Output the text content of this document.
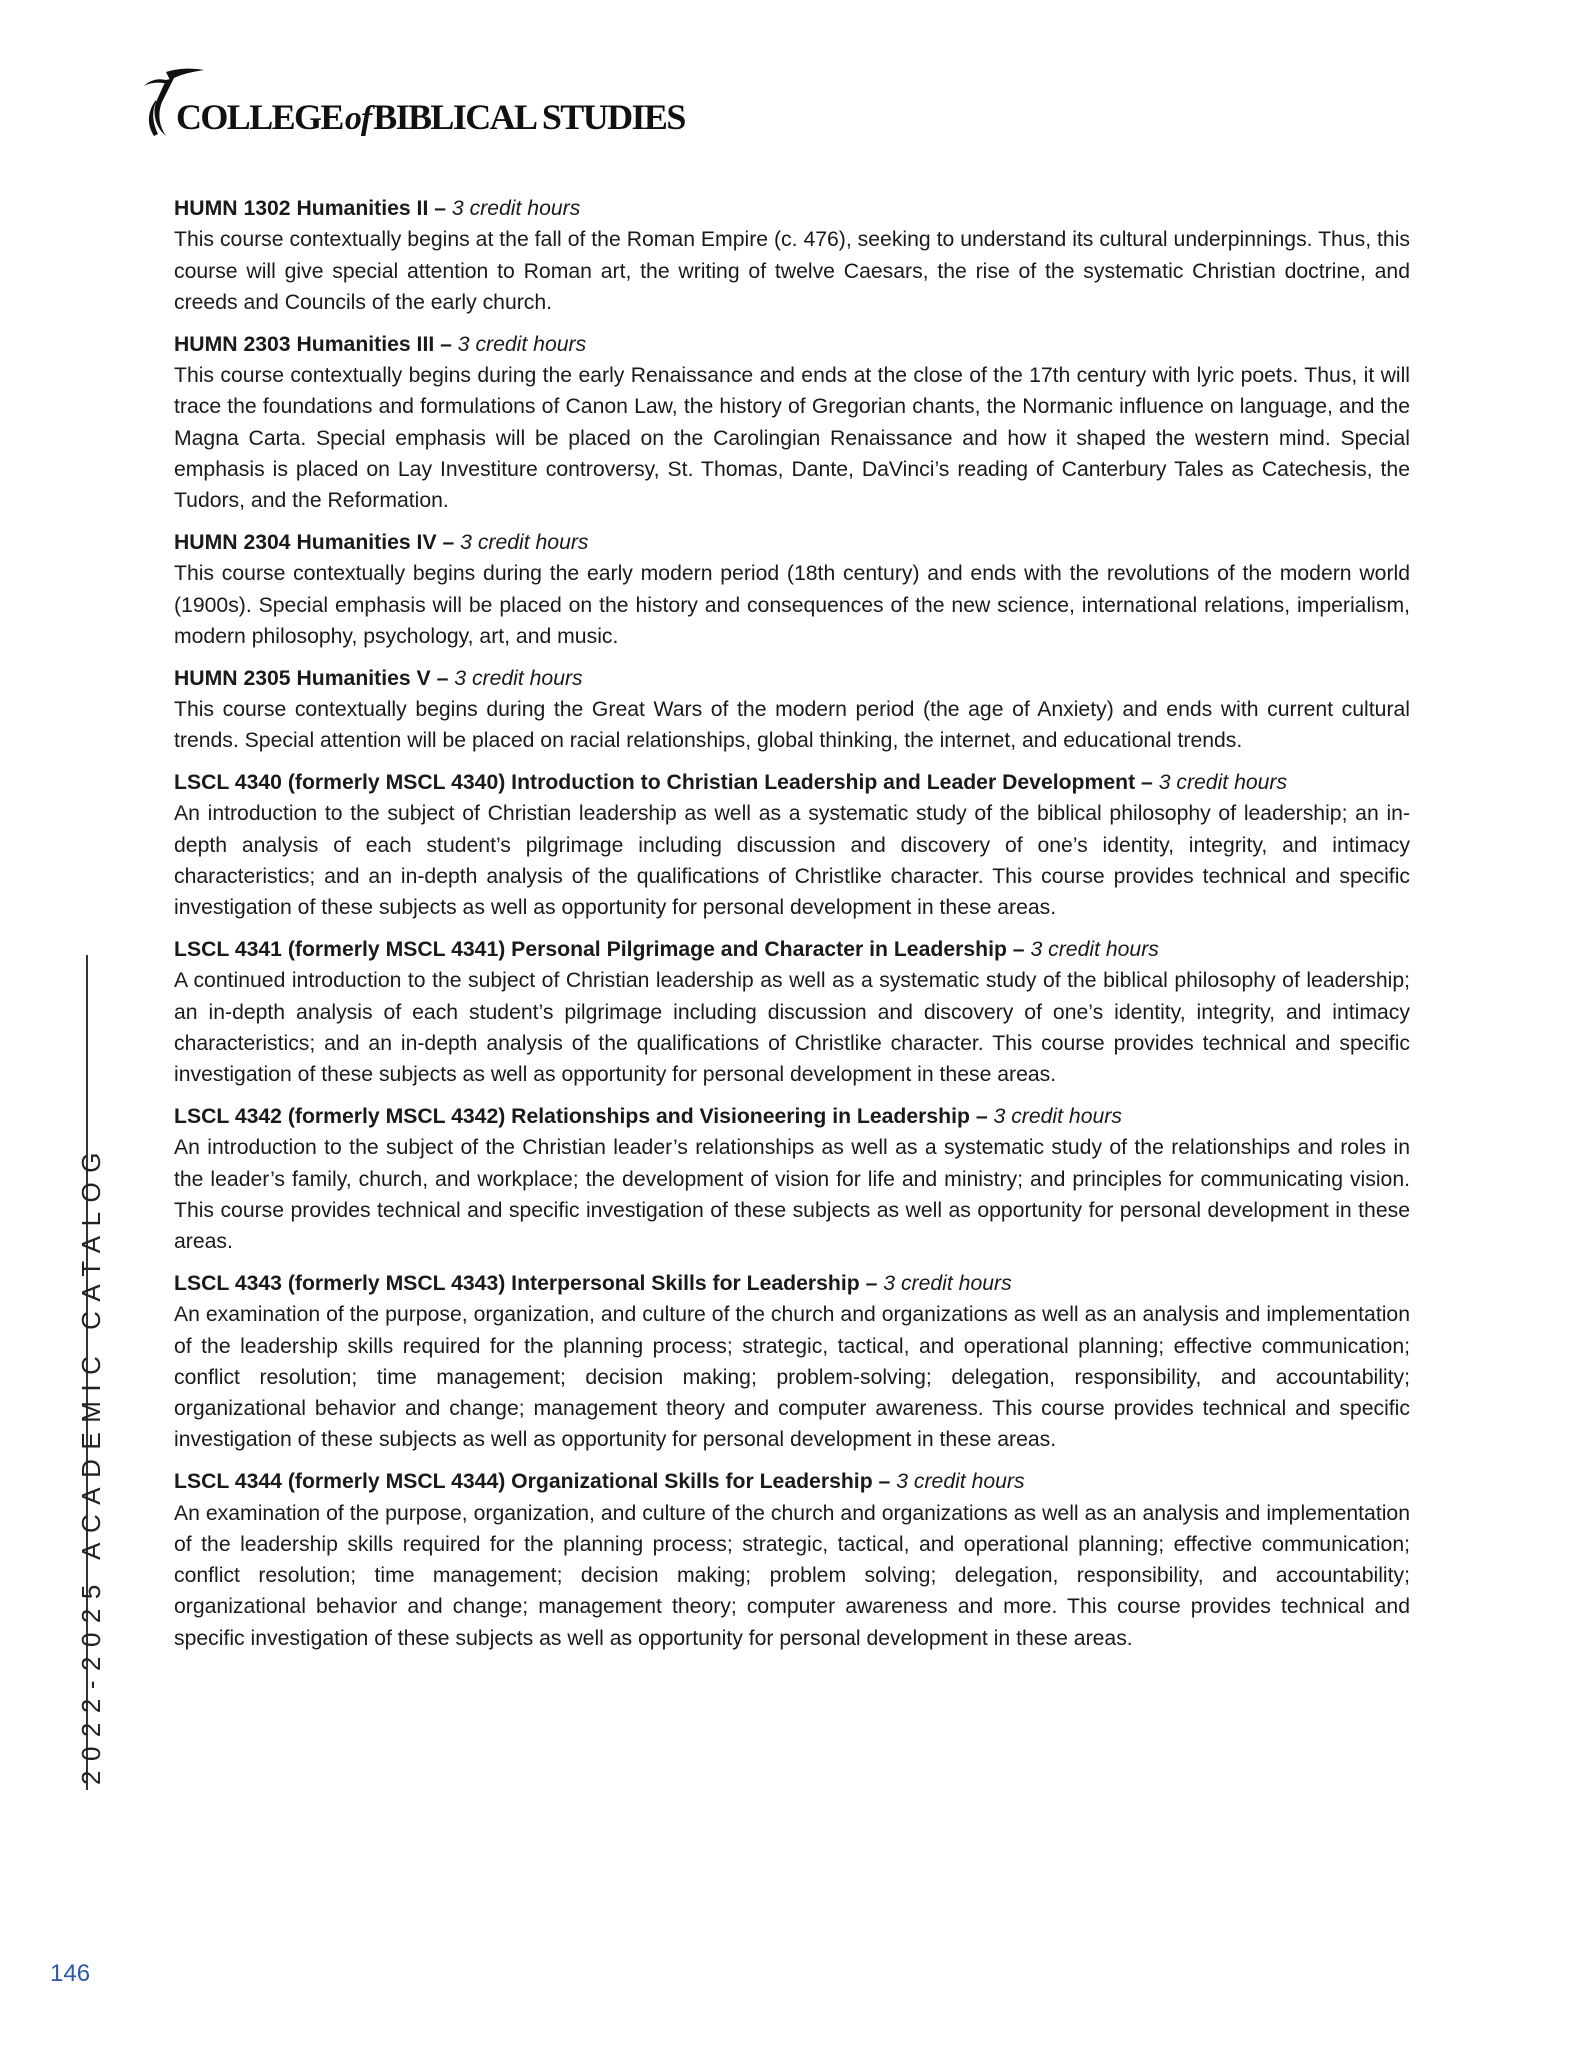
COLLEGEofBIBLICAL STUDIES

HUMN 1302 Humanities II – 3 credit hours

This course contextually begins at the fall of the Roman Empire (c. 476), seeking to understand its cultural underpinnings. Thus, this course will give special attention to Roman art, the writing of twelve Caesars, the rise of the systematic Christian doctrine, and creeds and Councils of the early church.

HUMN 2303 Humanities III – 3 credit hours

This course contextually begins during the early Renaissance and ends at the close of the 17th century with lyric poets. Thus, it will trace the foundations and formulations of Canon Law, the history of Gregorian chants, the Normanic influence on language, and the Magna Carta. Special emphasis will be placed on the Carolingian Renaissance and how it shaped the western mind. Special emphasis is placed on Lay Investiture controversy, St. Thomas, Dante, DaVinci’s reading of Canterbury Tales as Catechesis, the Tudors, and the Reformation.

HUMN 2304 Humanities IV – 3 credit hours

This course contextually begins during the early modern period (18th century) and ends with the revolutions of the modern world (1900s). Special emphasis will be placed on the history and consequences of the new science, international relations, imperialism, modern philosophy, psychology, art, and music.

HUMN 2305 Humanities V – 3 credit hours

This course contextually begins during the Great Wars of the modern period (the age of Anxiety) and ends with current cultural trends. Special attention will be placed on racial relationships, global thinking, the internet, and educational trends.

LSCL 4340 (formerly MSCL 4340) Introduction to Christian Leadership and Leader Development – 3 credit hours

An introduction to the subject of Christian leadership as well as a systematic study of the biblical philosophy of leadership; an in-depth analysis of each student’s pilgrimage including discussion and discovery of one’s identity, integrity, and intimacy characteristics; and an in-depth analysis of the qualifications of Christlike character. This course provides technical and specific investigation of these subjects as well as opportunity for personal development in these areas.

LSCL 4341 (formerly MSCL 4341) Personal Pilgrimage and Character in Leadership – 3 credit hours

A continued introduction to the subject of Christian leadership as well as a systematic study of the biblical philosophy of leadership; an in-depth analysis of each student’s pilgrimage including discussion and discovery of one’s identity, integrity, and intimacy characteristics; and an in-depth analysis of the qualifications of Christlike character. This course provides technical and specific investigation of these subjects as well as opportunity for personal development in these areas.

LSCL 4342 (formerly MSCL 4342) Relationships and Visioneering in Leadership – 3 credit hours

An introduction to the subject of the Christian leader’s relationships as well as a systematic study of the relationships and roles in the leader’s family, church, and workplace; the development of vision for life and ministry; and principles for communicating vision. This course provides technical and specific investigation of these subjects as well as opportunity for personal development in these areas.

LSCL 4343 (formerly MSCL 4343) Interpersonal Skills for Leadership – 3 credit hours

An examination of the purpose, organization, and culture of the church and organizations as well as an analysis and implementation of the leadership skills required for the planning process; strategic, tactical, and operational planning; effective communication; conflict resolution; time management; decision making; problem-solving; delegation, responsibility, and accountability; organizational behavior and change; management theory and computer awareness. This course provides technical and specific investigation of these subjects as well as opportunity for personal development in these areas.

LSCL 4344 (formerly MSCL 4344) Organizational Skills for Leadership – 3 credit hours

An examination of the purpose, organization, and culture of the church and organizations as well as an analysis and implementation of the leadership skills required for the planning process; strategic, tactical, and operational planning; effective communication; conflict resolution; time management; decision making; problem solving; delegation, responsibility, and accountability; organizational behavior and change; management theory; computer awareness and more. This course provides technical and specific investigation of these subjects as well as opportunity for personal development in these areas.

2022-2025 ACADEMIC CATALOG
146
